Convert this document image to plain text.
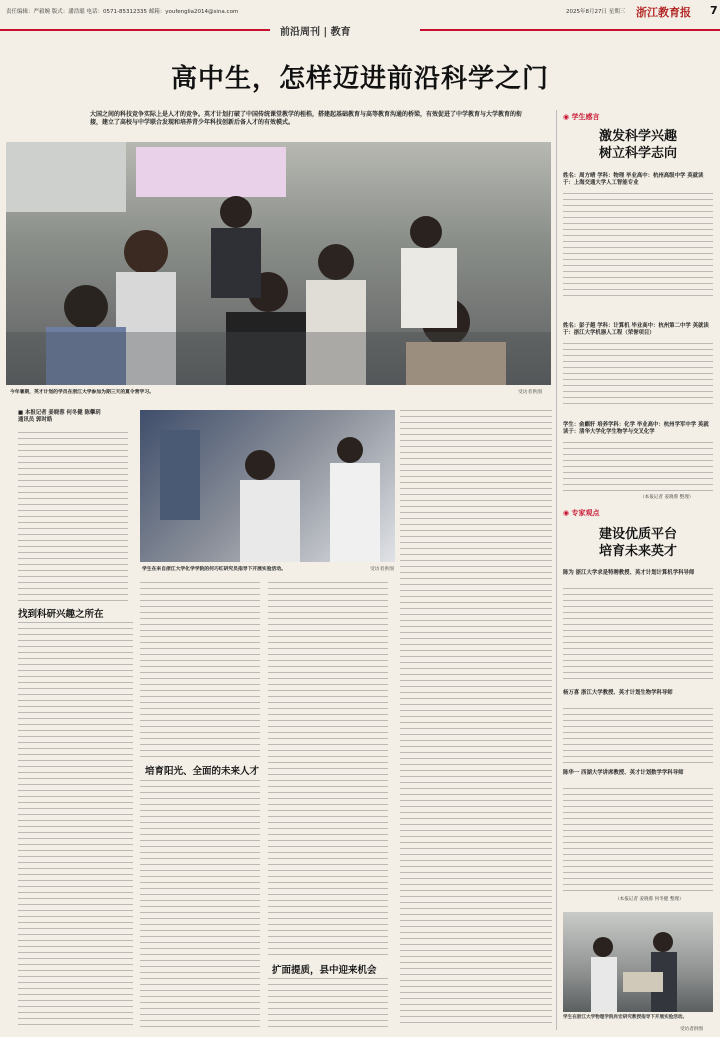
责任编辑：严毅婉 版式：潘浩聪 电话：0571-85312335 邮箱：youfenglia2014@sina.com	2025年8月27日 星期三 浙江教育报 7
前沿周刊 | 教育
高中生，怎样迈进前沿科学之门
大国之间的科技竞争实际上是人才的竞争。英才计划打破了中国传统课堂教学的桎梏，搭建起基础教育与高等教育沟通的桥梁，有效促进了中学教育与大学教育的衔接，建立了高校与中学联合发现和培养青少年科技创新后备人才的有效模式。
今年暑期，英才计划的学员在浙江大学参加为期三天的夏令营学习。	受访者供图
■ 本报记者 姜晓蓉 何冬健 陈攀玥
通讯员 郭时皓
学生在来自浙江大学化学学院的何巧红研究员指导下开展实验活动。	受访者供图
找到科研兴趣之所在
培育阳光、全面的未来人才
扩面提质，县中迎来机会
◉ 学生感言
激发科学兴趣
树立科学志向
姓名：周方晴 学科：物理 毕业高中：杭州高级中学 英就读于：上海交通大学人工智能专业
姓名：彭子越 学科：计算机 毕业高中：杭州第二中学 英就读于：浙江大学机器人工程（荣誉项目）
学生：俞麒轩 培养学科：化学 毕业高中：杭州学军中学 英就读于：清华大学化学生物学与交叉化学
（本报记者 姜晓蓉 整理）
◉ 专家观点
建设优质平台
培育未来英才
陈为 浙江大学求是特聘教授、英才计划计算机学科导师
杨万喜 浙江大学教授、英才计划生物学科导师
陈华一 西湖大学讲席教授、英才计划数学学科导师
（本报记者 姜晓蓉 何冬健 整理）
学生在浙江大学物理学院肖宏研究教授指导下开展实验活动。
受访者供图
